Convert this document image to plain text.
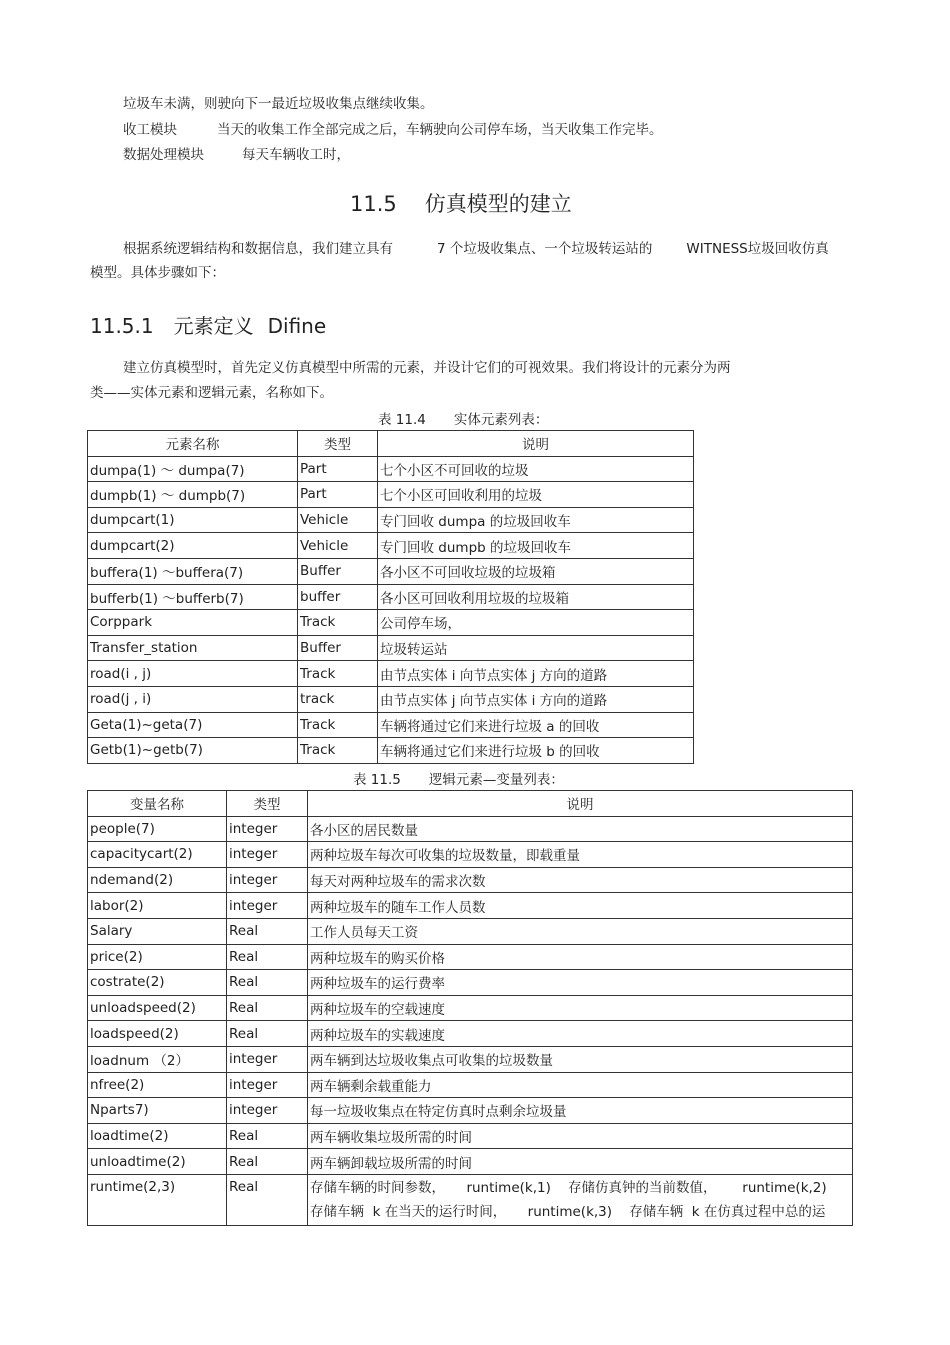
垃圾车未满，则驶向下一最近垃圾收集点继续收集。
收工模块	当天的收集工作全部完成之后，车辆驶向公司停车场，当天收集工作完毕。
数据处理模块	每天车辆收工时，
11.5 仿真模型的建立
根据系统逻辑结构和数据信息，我们建立具有	7 个垃圾收集点、一个垃圾转运站的	WITNESS垃圾回收仿真
模型。具体步骤如下：
11.5.1 元素定义 Difine
建立仿真模型时，首先定义仿真模型中所需的元素，并设计它们的可视效果。我们将设计的元素分为两
类——实体元素和逻辑元素，名称如下。
表 11.4 实体元素列表：
元素名称	类型	说明
dumpa(1) ～ dumpa(7)	Part	七个小区不可回收的垃圾
dumpb(1) ～ dumpb(7)	Part	七个小区可回收利用的垃圾
dumpcart(1)	Vehicle	专门回收 dumpa 的垃圾回收车
dumpcart(2)	Vehicle	专门回收 dumpb 的垃圾回收车
buffera(1) ～buffera(7)	Buffer	各小区不可回收垃圾的垃圾箱
bufferb(1) ～bufferb(7)	buffer	各小区可回收利用垃圾的垃圾箱
Corppark	Track	公司停车场，
Transfer_station	Buffer	垃圾转运站
road(i , j)	Track	由节点实体 i 向节点实体 j 方向的道路
road(j , i)	track	由节点实体 j 向节点实体 i 方向的道路
Geta(1)~geta(7)	Track	车辆将通过它们来进行垃圾 a 的回收
Getb(1)~getb(7)	Track	车辆将通过它们来进行垃圾 b 的回收
表 11.5 逻辑元素—变量列表：
变量名称	类型	说明
people(7)	integer	各小区的居民数量
capacitycart(2)	integer	两种垃圾车每次可收集的垃圾数量，即载重量
ndemand(2)	integer	每天对两种垃圾车的需求次数
labor(2)	integer	两种垃圾车的随车工作人员数
Salary	Real	工作人员每天工资
price(2)	Real	两种垃圾车的购买价格
costrate(2)	Real	两种垃圾车的运行费率
unloadspeed(2)	Real	两种垃圾车的空载速度
loadspeed(2)	Real	两种垃圾车的实载速度
loadnum （2）	integer	两车辆到达垃圾收集点可收集的垃圾数量
nfree(2)	integer	两车辆剩余载重能力
Nparts7)	integer	每一垃圾收集点在特定仿真时点剩余垃圾量
loadtime(2)	Real	两车辆收集垃圾所需的时间
unloadtime(2)	Real	两车辆卸载垃圾所需的时间
runtime(2,3)	Real	存储车辆的时间参数，     runtime(k,1)    存储仿真钟的当前数值，      runtime(k,2)
存储车辆  k 在当天的运行时间，     runtime(k,3)    存储车辆  k 在仿真过程中总的运
